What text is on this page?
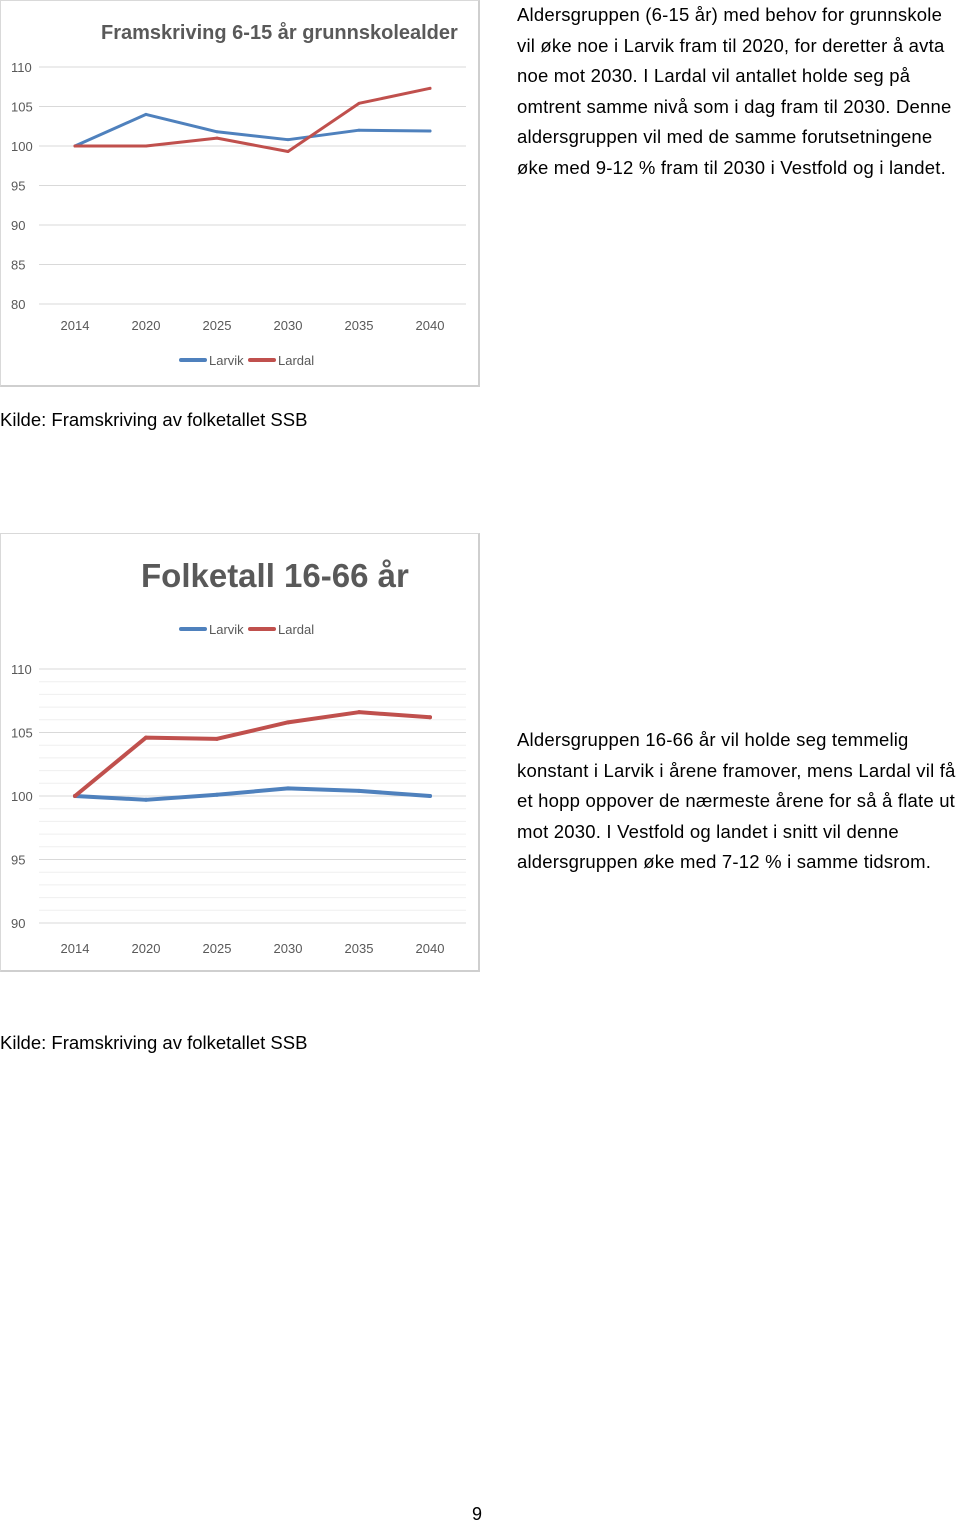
Framskriving 6-15 år grunnskolealder
110
105
100
95
90
85
80
2014	2020	2025	2030	2035	2040
Larvik	Lardal
Aldersgruppen (6-15 år) med behov for grunnskole vil øke noe i Larvik fram til 2020, for deretter å avta noe mot 2030. I Lardal vil antallet holde seg på omtrent samme nivå som i dag fram til 2030. Denne aldersgruppen vil med de samme forutsetningene øke med 9-12 % fram til 2030 i Vestfold og i landet.
Kilde: Framskriving av folketallet SSB
Folketall 16-66 år
110
105
100
95
90
2014	2020	2025	2030	2035	2040
Larvik	Lardal
Aldersgruppen 16-66 år vil holde seg temmelig konstant i Larvik i årene framover, mens Lardal vil få et hopp oppover de nærmeste årene for så å flate ut mot 2030. I Vestfold og landet i snitt vil denne aldersgruppen øke med 7-12 % i samme tidsrom.
Kilde: Framskriving av folketallet SSB
9
